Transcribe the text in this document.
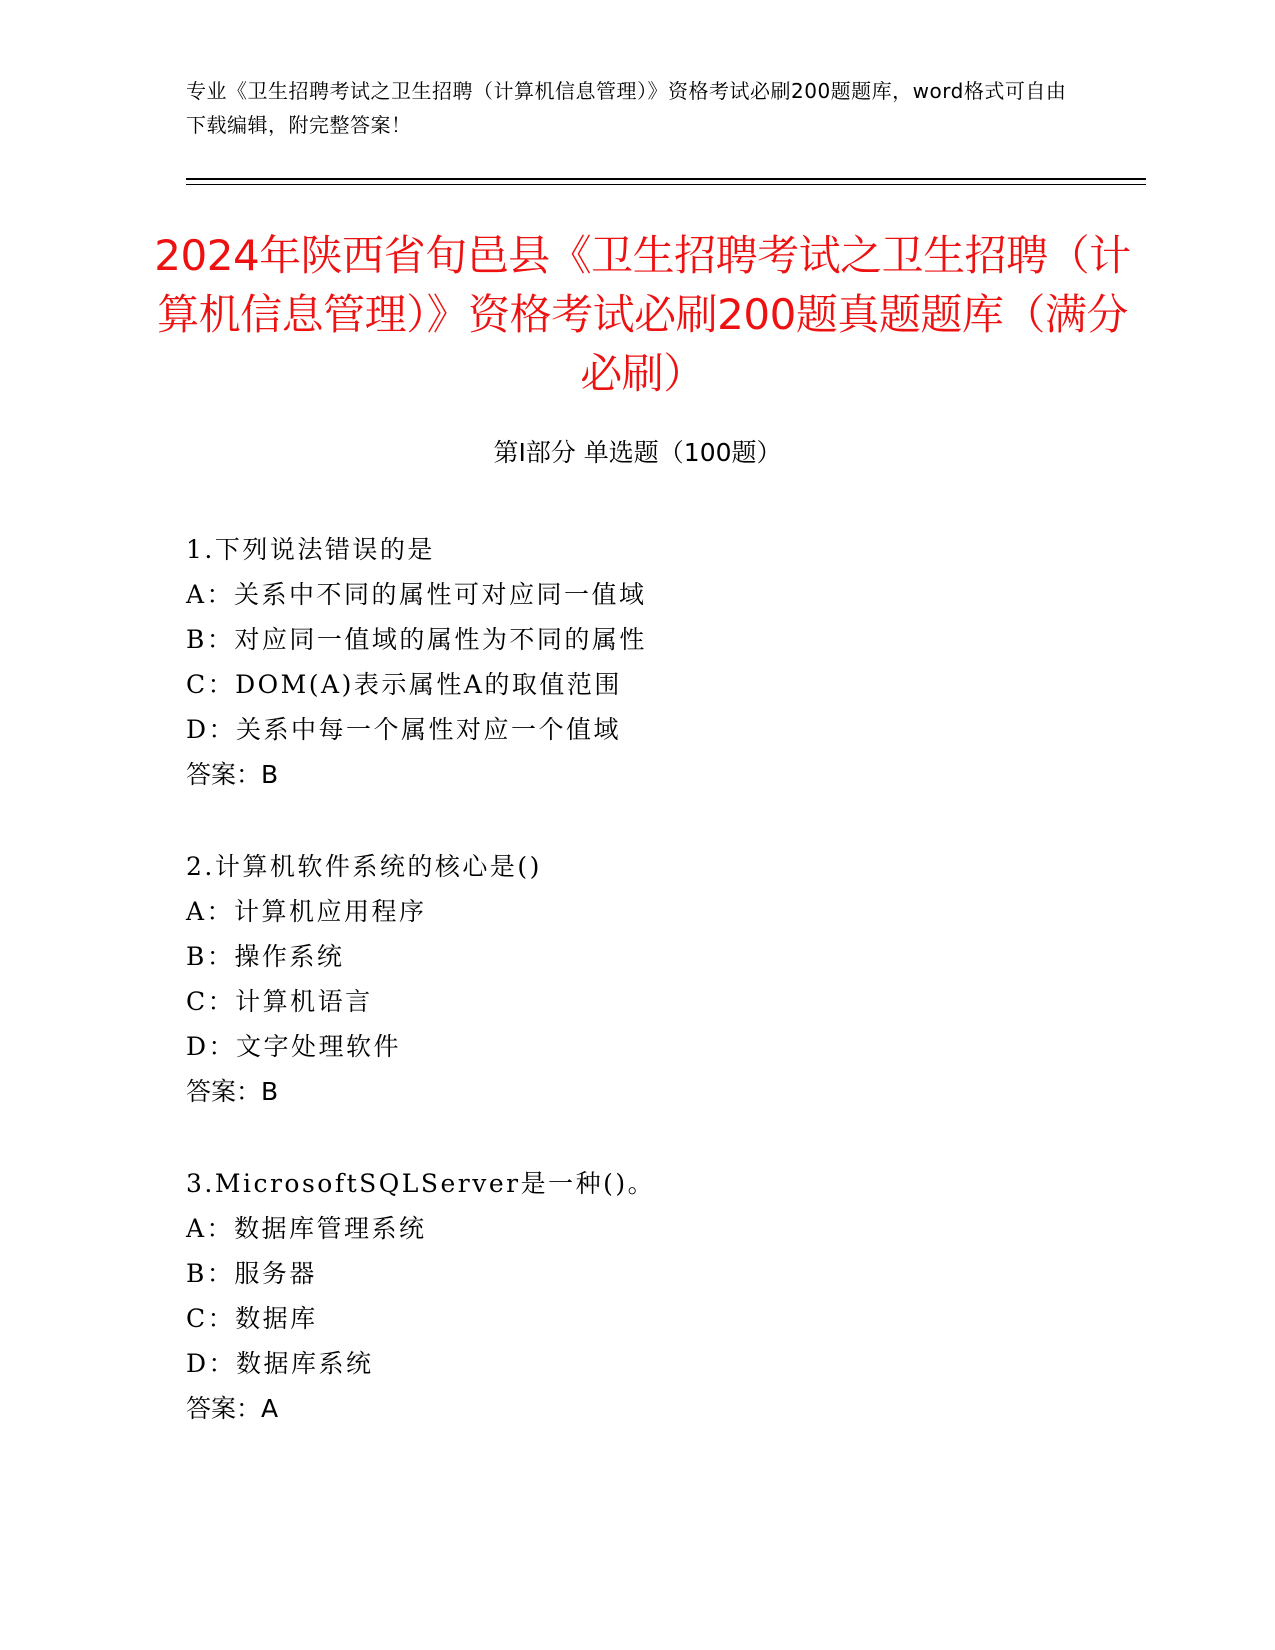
专业《卫生招聘考试之卫生招聘（计算机信息管理）》资格考试必刷200题题库，word格式可自由下载编辑，附完整答案！
2024年陕西省旬邑县《卫生招聘考试之卫生招聘（计算机信息管理）》资格考试必刷200题真题题库（满分必刷）
第Ⅰ部分 单选题（100题）
1.下列说法错误的是
A：关系中不同的属性可对应同一值域
B：对应同一值域的属性为不同的属性
C：DOM(A)表示属性A的取值范围
D：关系中每一个属性对应一个值域
答案：B
2.计算机软件系统的核心是()
A：计算机应用程序
B：操作系统
C：计算机语言
D：文字处理软件
答案：B
3.MicrosoftSQLServer是一种()。
A：数据库管理系统
B：服务器
C：数据库
D：数据库系统
答案：A
